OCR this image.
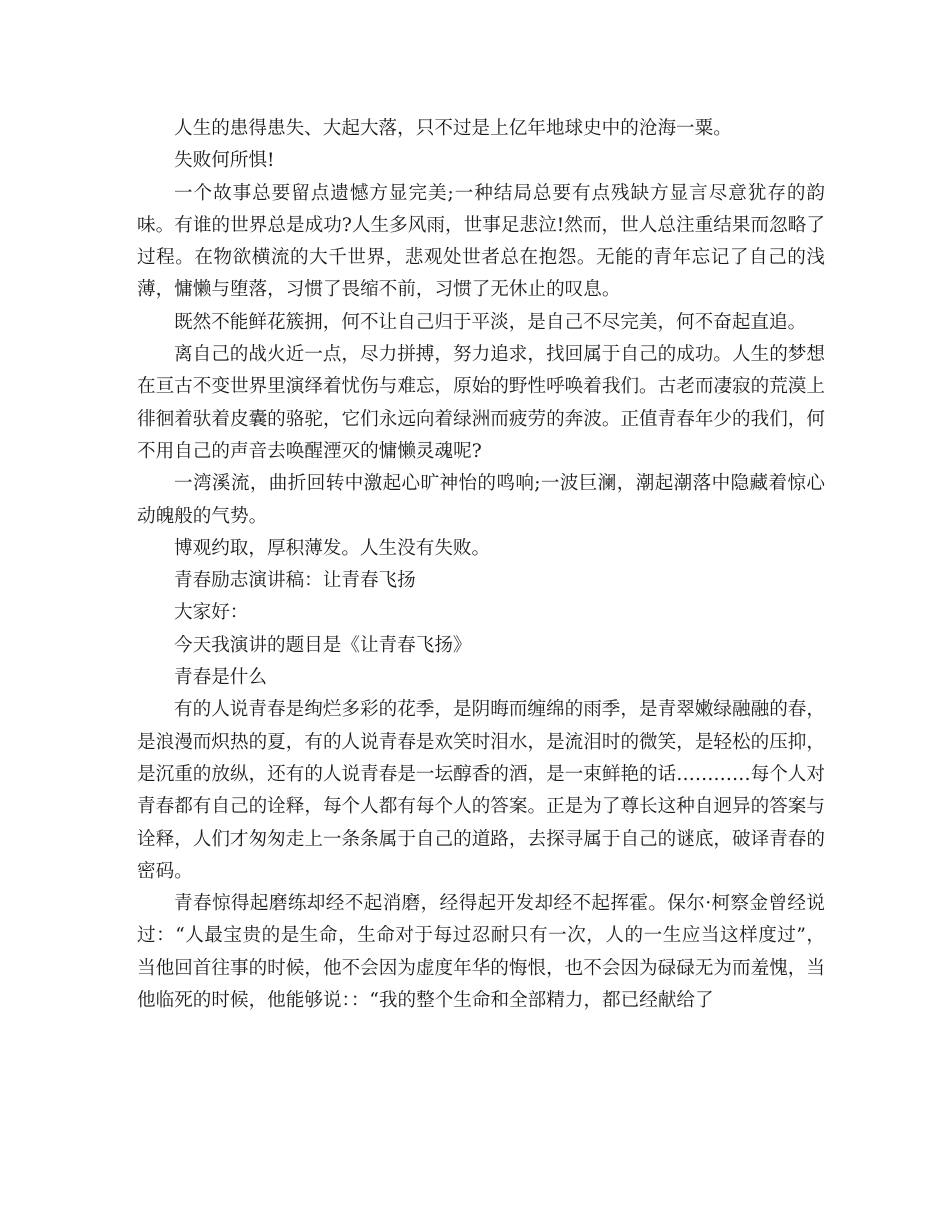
人生的患得患失、大起大落，只不过是上亿年地球史中的沧海一粟。

失败何所惧!

一个故事总要留点遗憾方显完美;一种结局总要有点残缺方显言尽意犹存的韵味。有谁的世界总是成功?人生多风雨，世事足悲泣!然而，世人总注重结果而忽略了过程。在物欲横流的大千世界，悲观处世者总在抱怨。无能的青年忘记了自己的浅薄，慵懒与堕落，习惯了畏缩不前，习惯了无休止的叹息。

既然不能鲜花簇拥，何不让自己归于平淡，是自己不尽完美，何不奋起直追。

离自己的战火近一点，尽力拼搏，努力追求，找回属于自己的成功。人生的梦想在亘古不变世界里演绎着忧伤与难忘，原始的野性呼唤着我们。古老而凄寂的荒漠上徘徊着驮着皮囊的骆驼，它们永远向着绿洲而疲劳的奔波。正值青春年少的我们，何不用自己的声音去唤醒湮灭的慵懒灵魂呢?

一湾溪流，曲折回转中激起心旷神怡的鸣响;一波巨澜，潮起潮落中隐藏着惊心动魄般的气势。

博观约取，厚积薄发。人生没有失败。

青春励志演讲稿：让青春飞扬

大家好：

今天我演讲的题目是《让青春飞扬》

青春是什么

有的人说青春是绚烂多彩的花季，是阴晦而缠绵的雨季，是青翠嫩绿融融的春，是浪漫而炽热的夏，有的人说青春是欢笑时泪水，是流泪时的微笑，是轻松的压抑，是沉重的放纵，还有的人说青春是一坛醇香的酒，是一束鲜艳的话…………每个人对青春都有自己的诠释，每个人都有每个人的答案。正是为了尊长这种自迥异的答案与诠释，人们才匆匆走上一条条属于自己的道路，去探寻属于自己的谜底，破译青春的密码。

青春惊得起磨练却经不起消磨，经得起开发却经不起挥霍。保尔·柯察金曾经说过：“人最宝贵的是生命，生命对于每过忍耐只有一次，人的一生应当这样度过”，当他回首往事的时候，他不会因为虚度年华的悔恨，也不会因为碌碌无为而羞愧，当他临死的时候，他能够说：：“我的整个生命和全部精力，都已经献给了
